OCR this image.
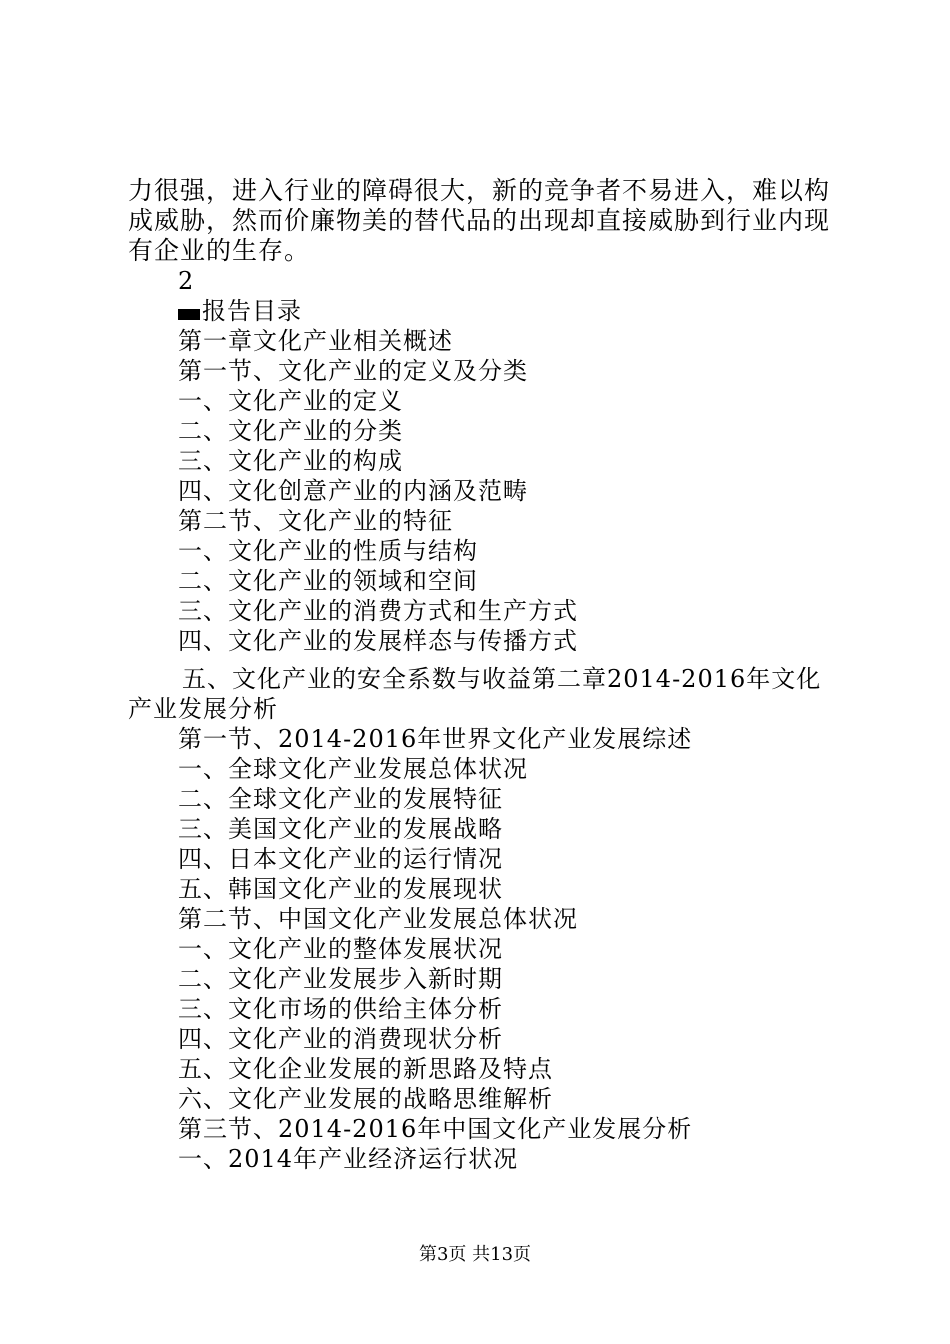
力很强，进入行业的障碍很大，新的竞争者不易进入，难以构成威胁，然而价廉物美的替代品的出现却直接威胁到行业内现有企业的生存。

2
报告目录
第一章文化产业相关概述
第一节、文化产业的定义及分类
一、文化产业的定义
二、文化产业的分类
三、文化产业的构成
四、文化创意产业的内涵及范畴
第二节、文化产业的特征
一、文化产业的性质与结构
二、文化产业的领域和空间
三、文化产业的消费方式和生产方式
四、文化产业的发展样态与传播方式
五、文化产业的安全系数与收益第二章2014-2016年文化
产业发展分析
第一节、2014-2016年世界文化产业发展综述
一、全球文化产业发展总体状况
二、全球文化产业的发展特征
三、美国文化产业的发展战略
四、日本文化产业的运行情况
五、韩国文化产业的发展现状
第二节、中国文化产业发展总体状况
一、文化产业的整体发展状况
二、文化产业发展步入新时期
三、文化市场的供给主体分析
四、文化产业的消费现状分析
五、文化企业发展的新思路及特点
六、文化产业发展的战略思维解析
第三节、2014-2016年中国文化产业发展分析
一、2014年产业经济运行状况
第3页 共13页
